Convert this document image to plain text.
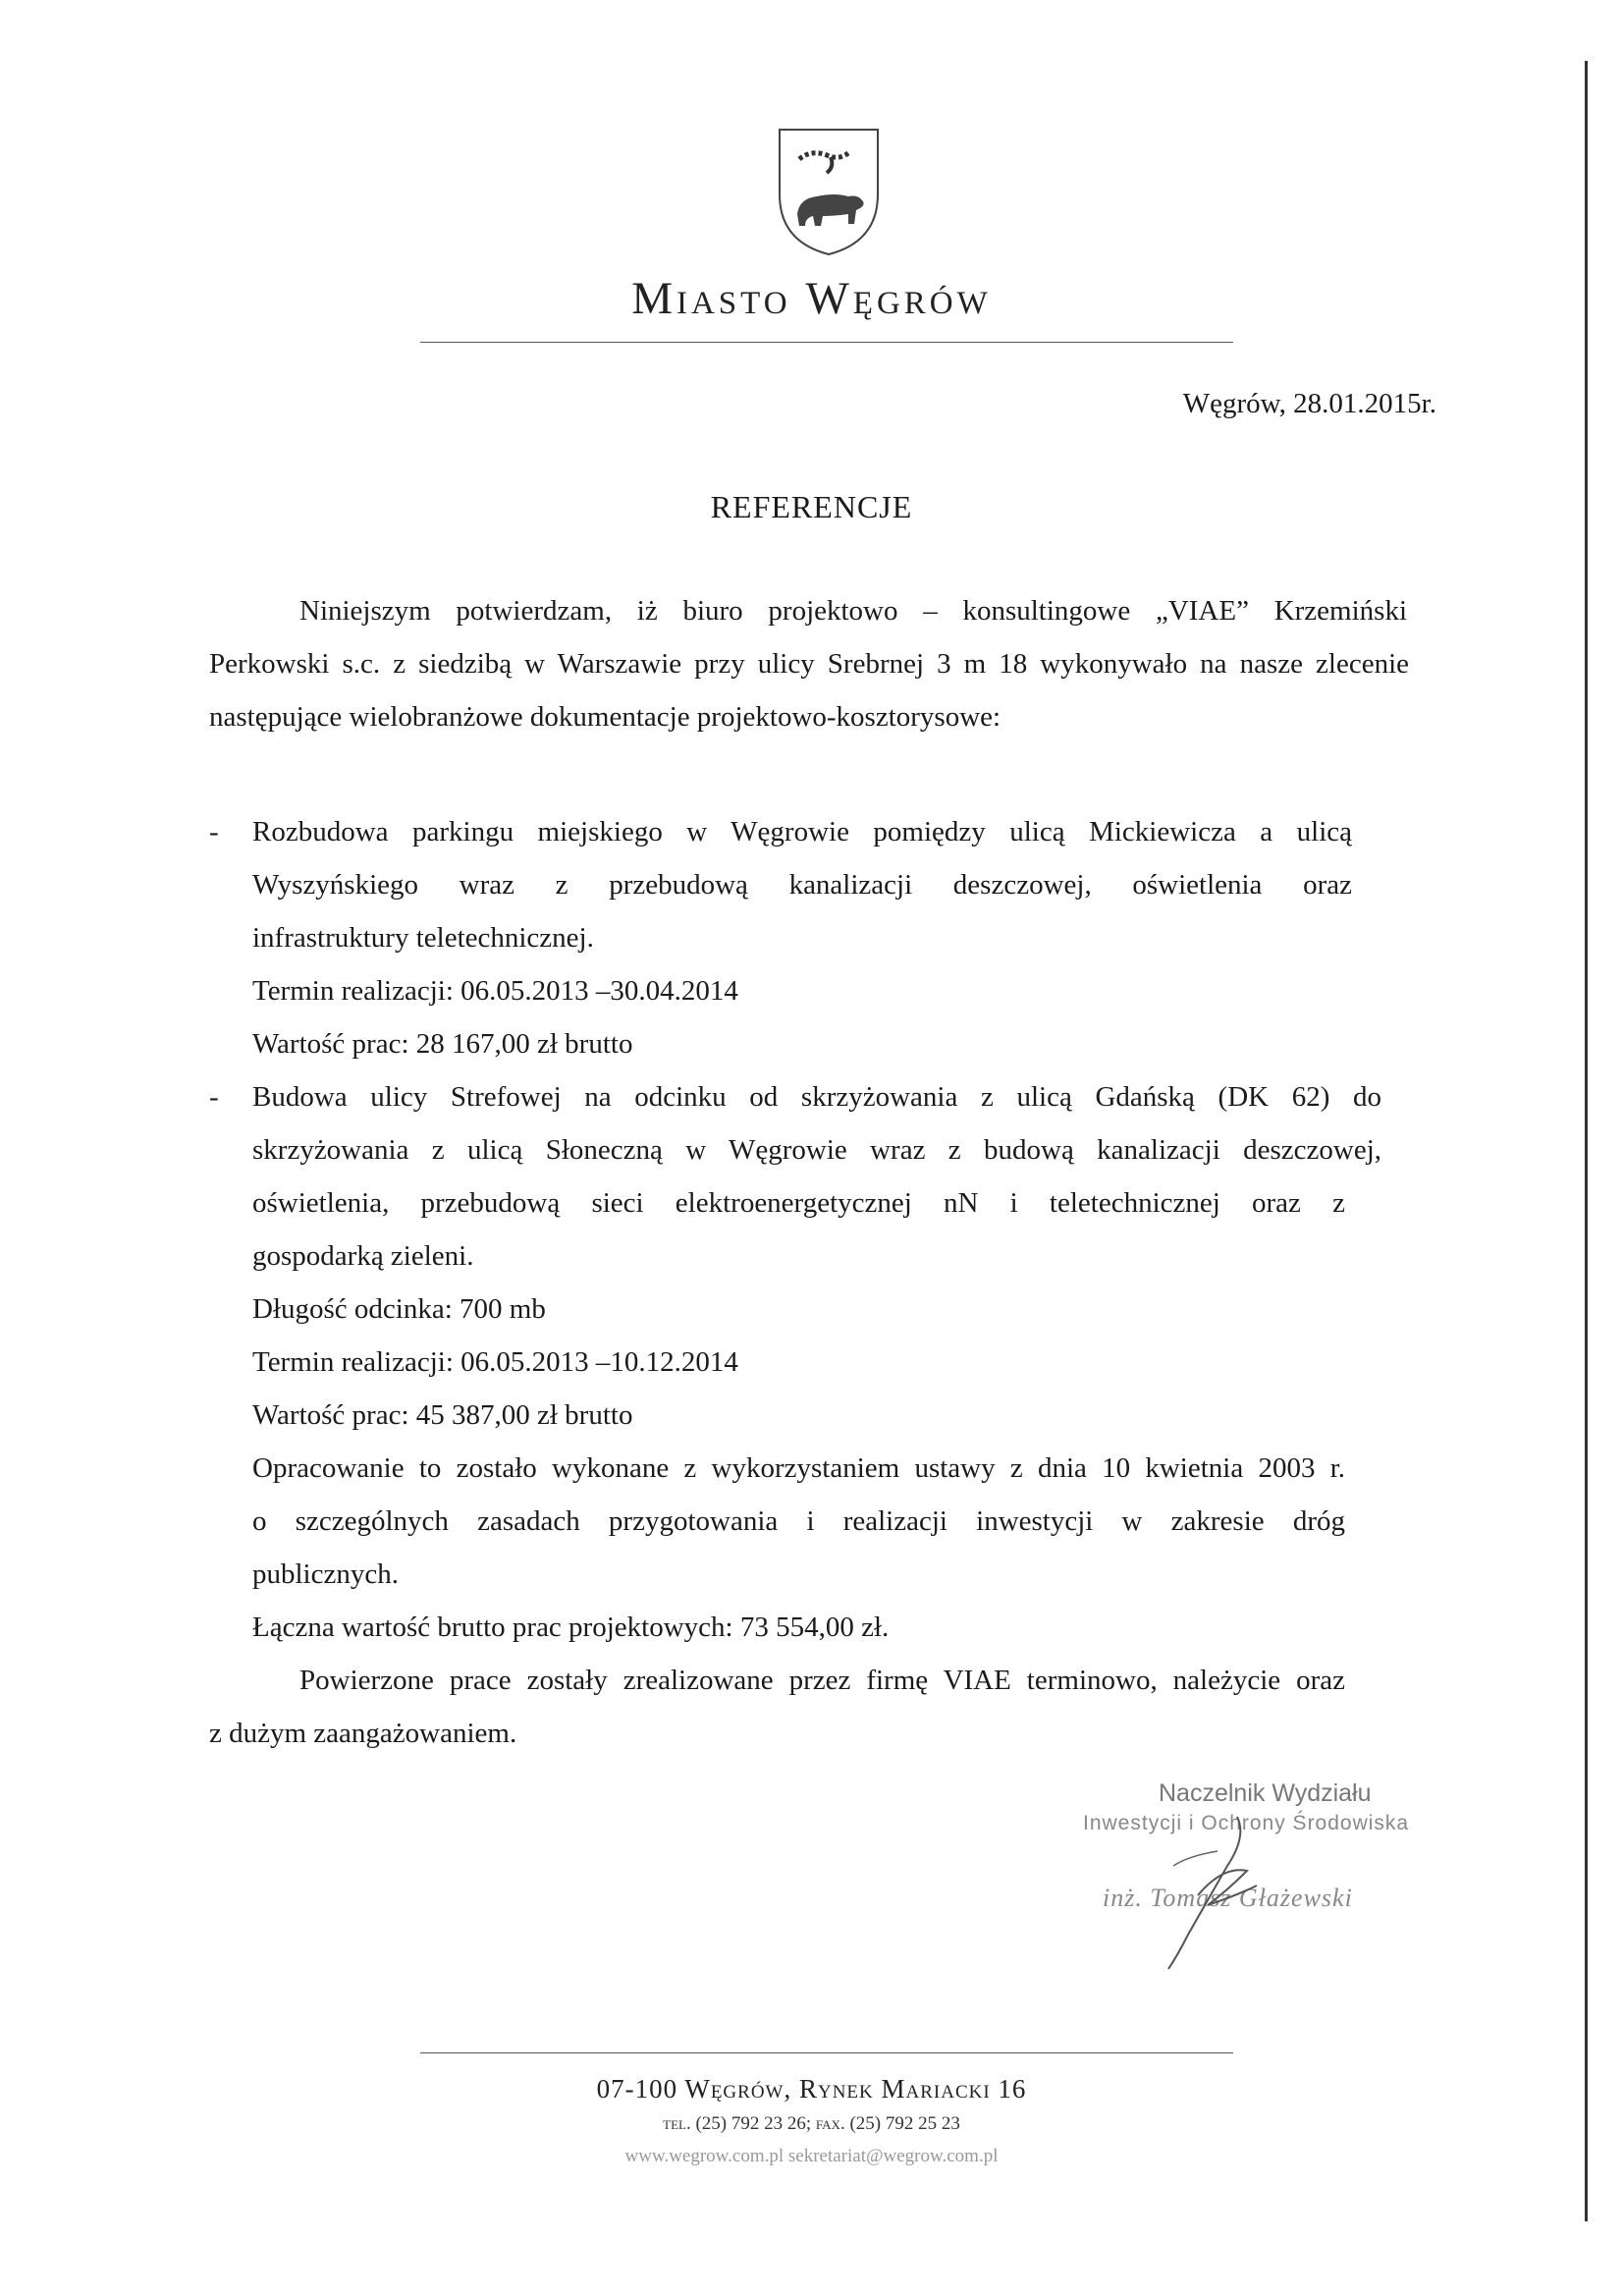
Miasto Węgrów
Węgrów, 28.01.2015r.
REFERENCJE
Niniejszym potwierdzam, iż biuro projektowo – konsultingowe „VIAE” Krzemiński
Perkowski s.c. z siedzibą w Warszawie przy ulicy Srebrnej 3 m 18 wykonywało na nasze zlecenie
następujące wielobranżowe dokumentacje projektowo-kosztorysowe:
- Rozbudowa parkingu miejskiego w Węgrowie pomiędzy ulicą Mickiewicza a ulicą
Wyszyńskiego wraz z przebudową kanalizacji deszczowej, oświetlenia oraz
infrastruktury teletechnicznej.
Termin realizacji: 06.05.2013 –30.04.2014
Wartość prac: 28 167,00 zł brutto
- Budowa ulicy Strefowej na odcinku od skrzyżowania z ulicą Gdańską (DK 62) do
skrzyżowania z ulicą Słoneczną w Węgrowie wraz z budową kanalizacji deszczowej,
oświetlenia, przebudową sieci elektroenergetycznej nN i teletechnicznej oraz z
gospodarką zieleni.
Długość odcinka: 700 mb
Termin realizacji: 06.05.2013 –10.12.2014
Wartość prac: 45 387,00 zł brutto
Opracowanie to zostało wykonane z wykorzystaniem ustawy z dnia 10 kwietnia 2003 r.
o szczególnych zasadach przygotowania i realizacji inwestycji w zakresie dróg
publicznych.
Łączna wartość brutto prac projektowych: 73 554,00 zł.
Powierzone prace zostały zrealizowane przez firmę VIAE terminowo, należycie oraz
z dużym zaangażowaniem.
Naczelnik Wydziału
Inwestycji i Ochrony Środowiska
inż. Tomasz Głażewski
07-100 Węgrów, Rynek Mariacki 16
tel. (25) 792 23 26; fax. (25) 792 25 23
www.wegrow.com.pl sekretariat@wegrow.com.pl
